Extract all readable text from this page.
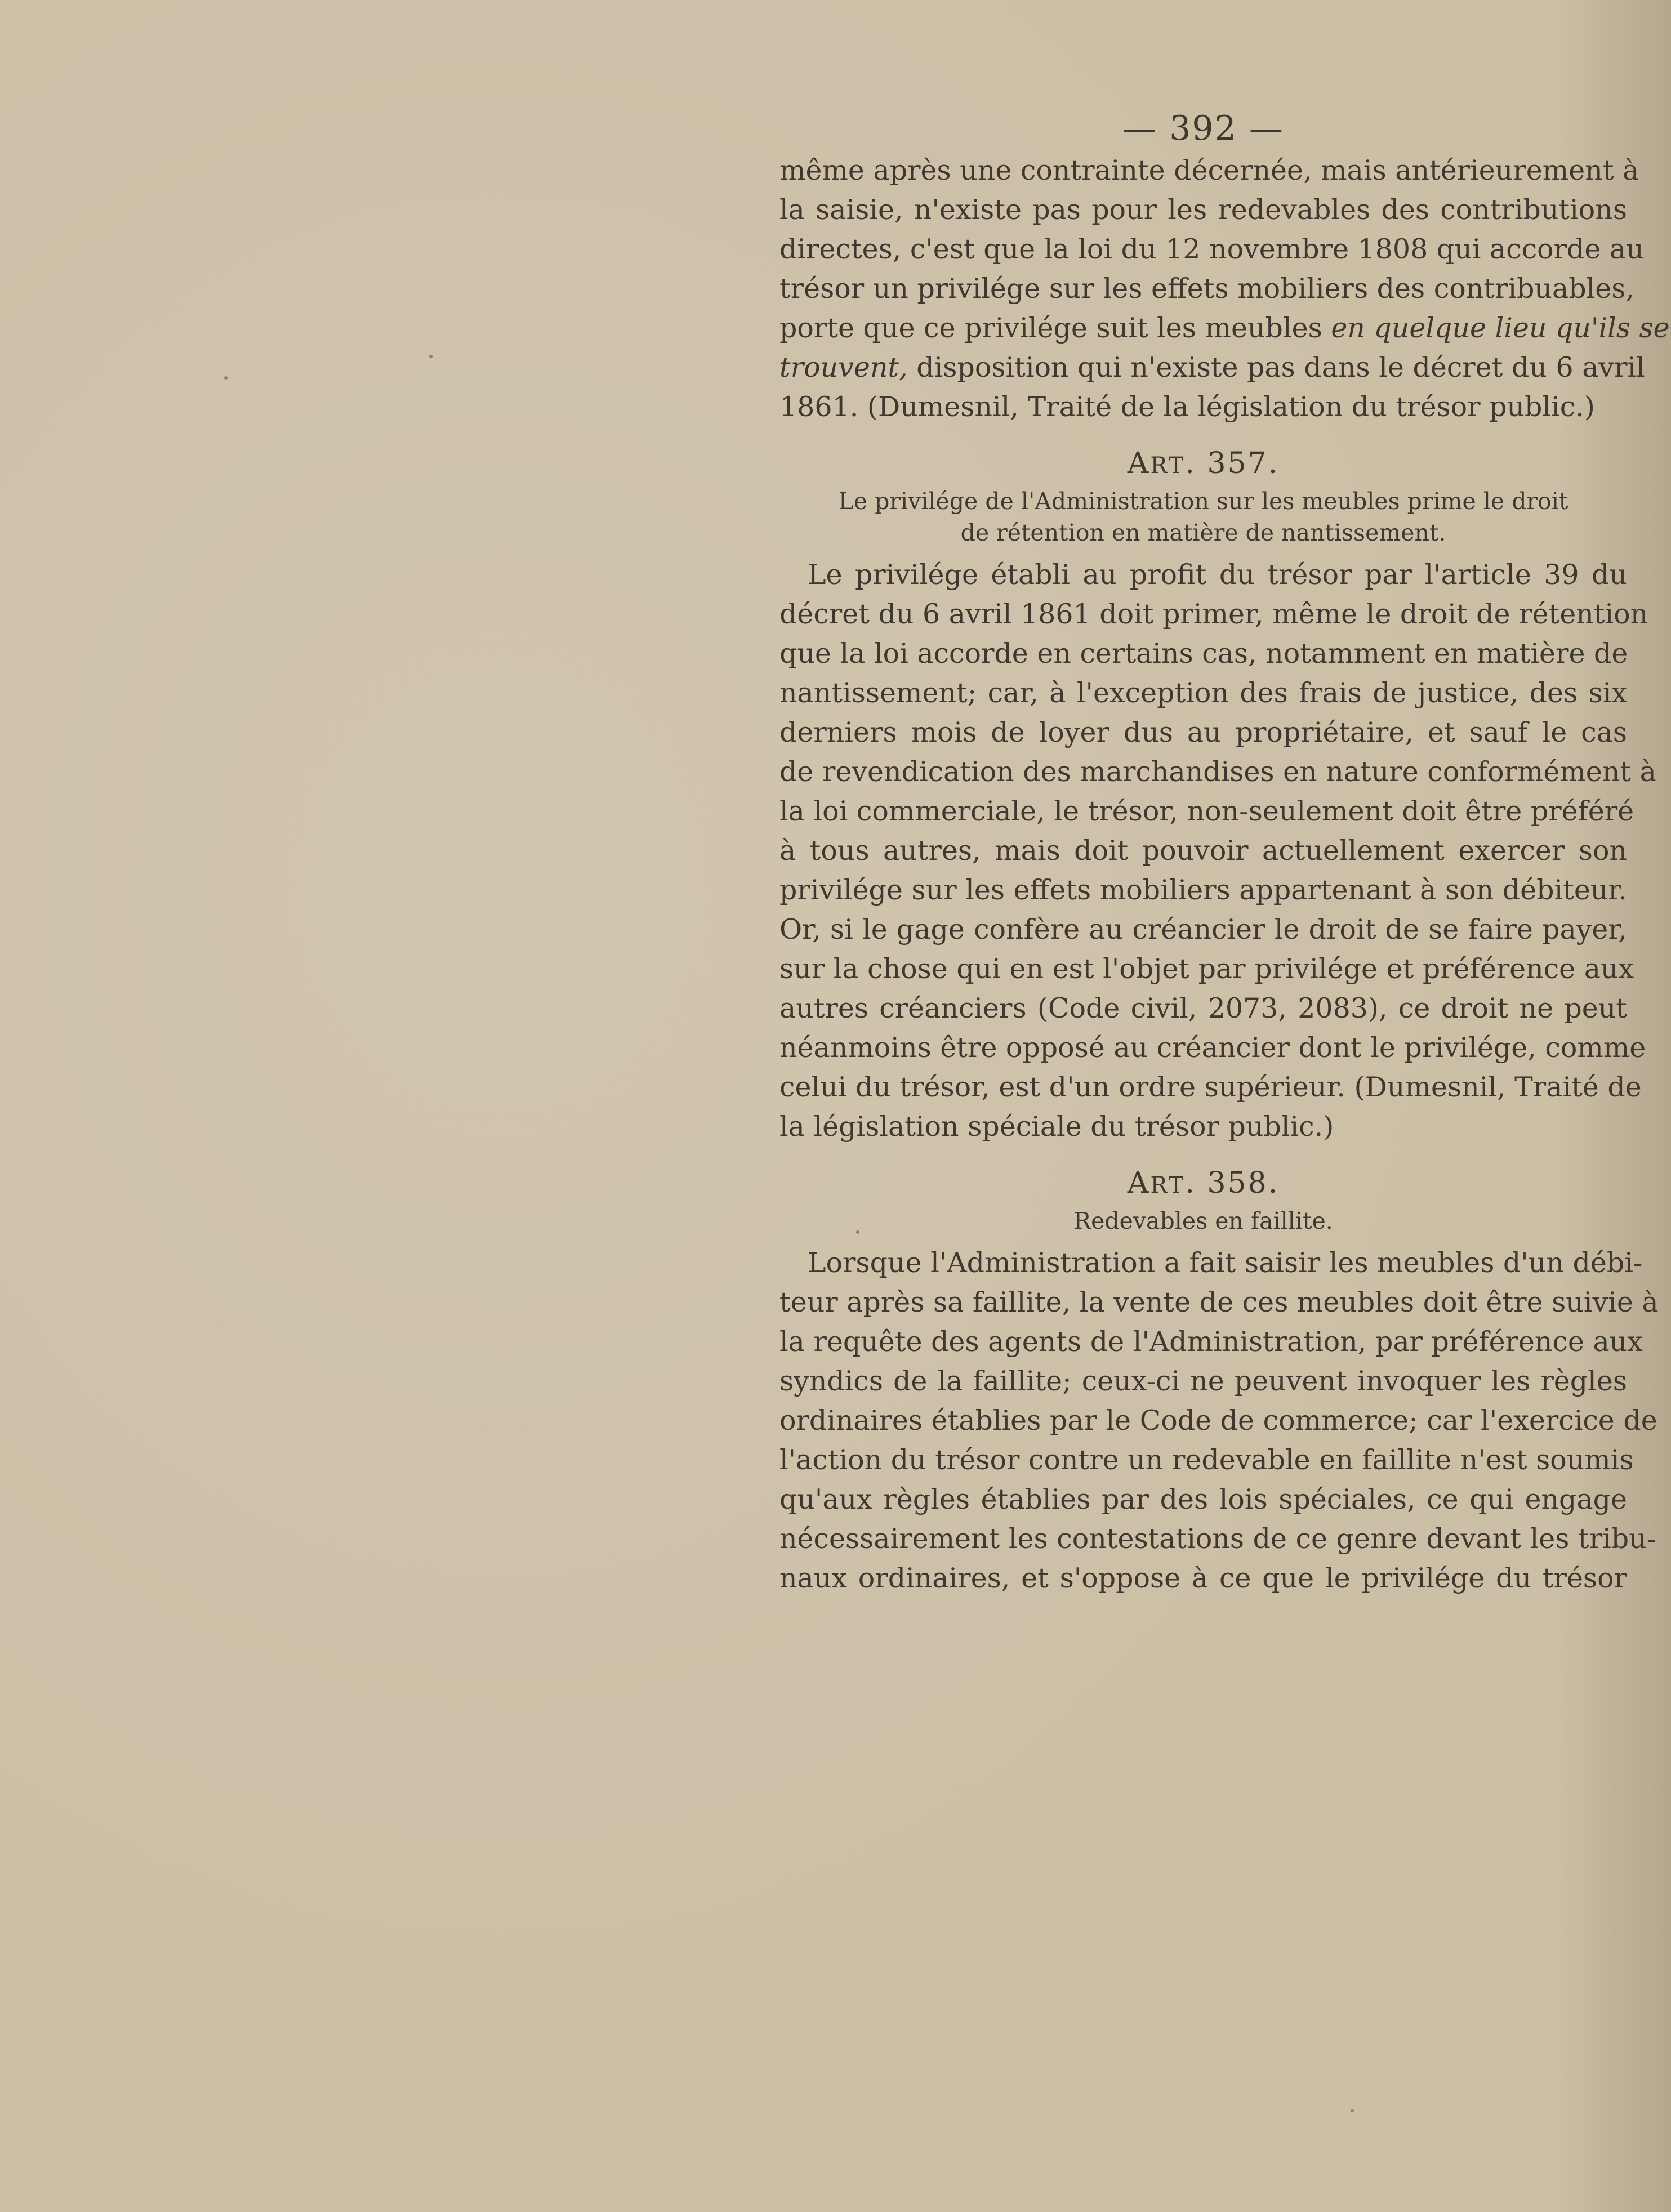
— 392 —
même après une contrainte décernée, mais antérieurement à
la saisie, n'existe pas pour les redevables des contributions
directes, c'est que la loi du 12 novembre 1808 qui accorde au
trésor un privilége sur les effets mobiliers des contribuables,
porte que ce privilége suit les meubles en quelque lieu qu'ils se
trouvent, disposition qui n'existe pas dans le décret du 6 avril
1861. (Dumesnil, Traité de la législation du trésor public.)
ART. 357.
Le privilége de l'Administration sur les meubles prime le droit
de rétention en matière de nantissement.
Le privilége établi au profit du trésor par l'article 39 du
décret du 6 avril 1861 doit primer, même le droit de rétention
que la loi accorde en certains cas, notamment en matière de
nantissement; car, à l'exception des frais de justice, des six
derniers mois de loyer dus au propriétaire, et sauf le cas
de revendication des marchandises en nature conformément à
la loi commerciale, le trésor, non-seulement doit être préféré
à tous autres, mais doit pouvoir actuellement exercer son
privilége sur les effets mobiliers appartenant à son débiteur.
Or, si le gage confère au créancier le droit de se faire payer,
sur la chose qui en est l'objet par privilége et préférence aux
autres créanciers (Code civil, 2073, 2083), ce droit ne peut
néanmoins être opposé au créancier dont le privilége, comme
celui du trésor, est d'un ordre supérieur. (Dumesnil, Traité de
la législation spéciale du trésor public.)
ART. 358.
Redevables en faillite.
Lorsque l'Administration a fait saisir les meubles d'un débi-
teur après sa faillite, la vente de ces meubles doit être suivie à
la requête des agents de l'Administration, par préférence aux
syndics de la faillite; ceux-ci ne peuvent invoquer les règles
ordinaires établies par le Code de commerce; car l'exercice de
l'action du trésor contre un redevable en faillite n'est soumis
qu'aux règles établies par des lois spéciales, ce qui engage
nécessairement les contestations de ce genre devant les tribu-
naux ordinaires, et s'oppose à ce que le privilége du trésor
